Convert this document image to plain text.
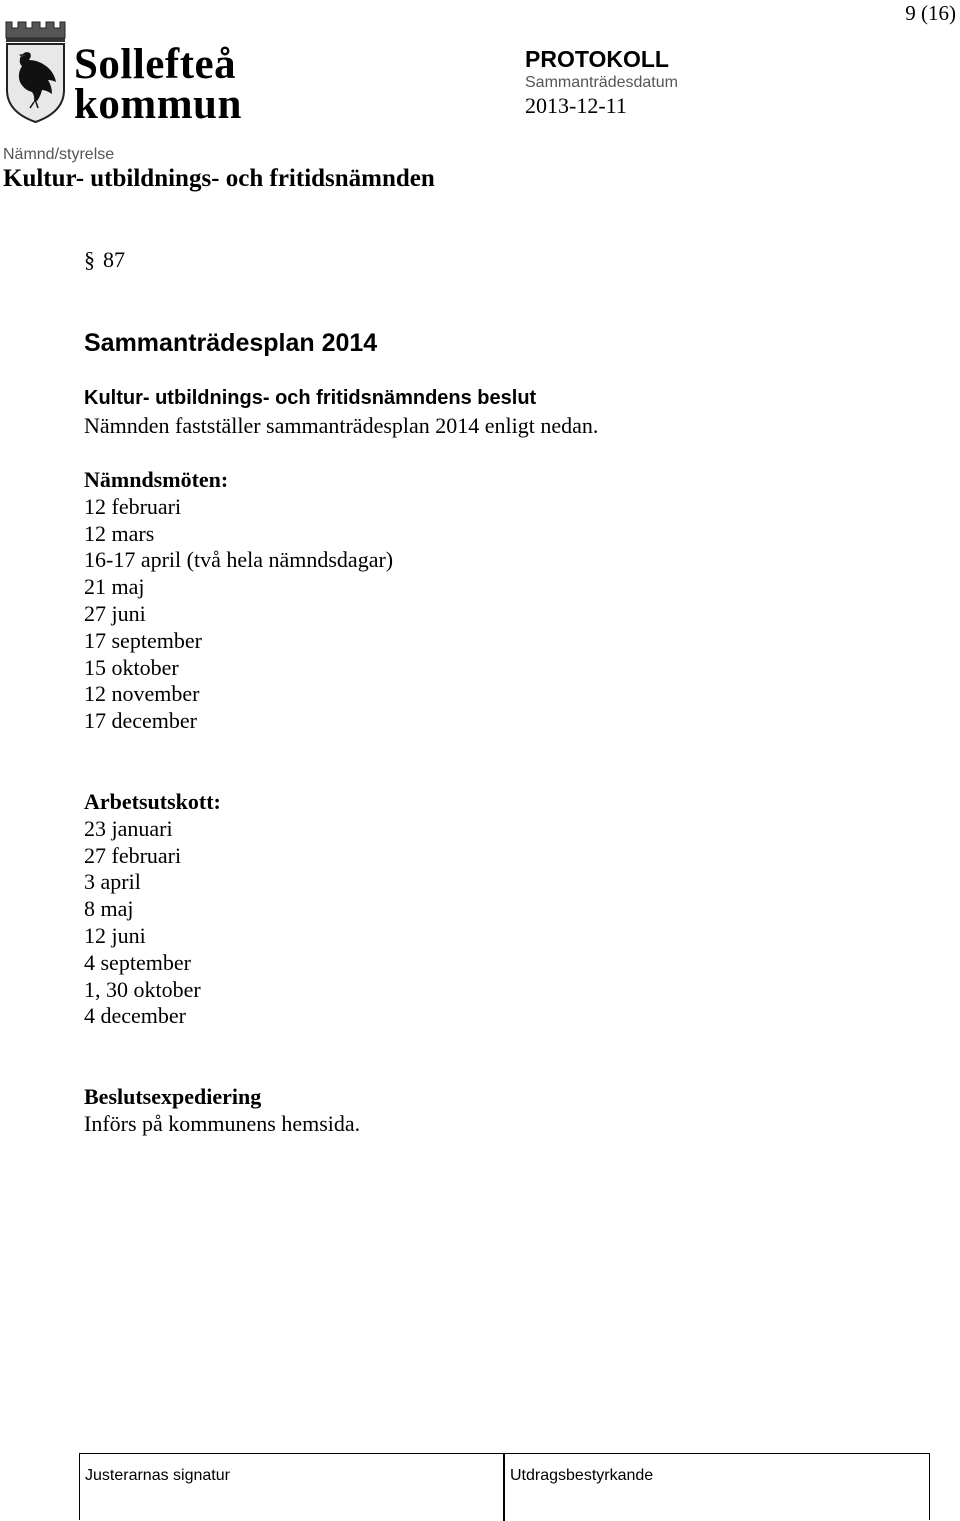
9 (16)
Sollefteå
kommun
PROTOKOLL
Sammanträdesdatum
2013-12-11
Nämnd/styrelse
Kultur- utbildnings- och fritidsnämnden
§ 87
Sammanträdesplan 2014
Kultur- utbildnings- och fritidsnämndens beslut
Nämnden fastställer sammanträdesplan 2014 enligt nedan.
Nämndsmöten:
12 februari
12 mars
16-17 april (två hela nämndsdagar)
21 maj
27 juni
17 september
15 oktober
12 november
17 december
Arbetsutskott:
23 januari
27 februari
3 april
8 maj
12 juni
4 september
1, 30 oktober
4 december
Beslutsexpediering
Införs på kommunens hemsida.
Justerarnas signatur	Utdragsbestyrkande
